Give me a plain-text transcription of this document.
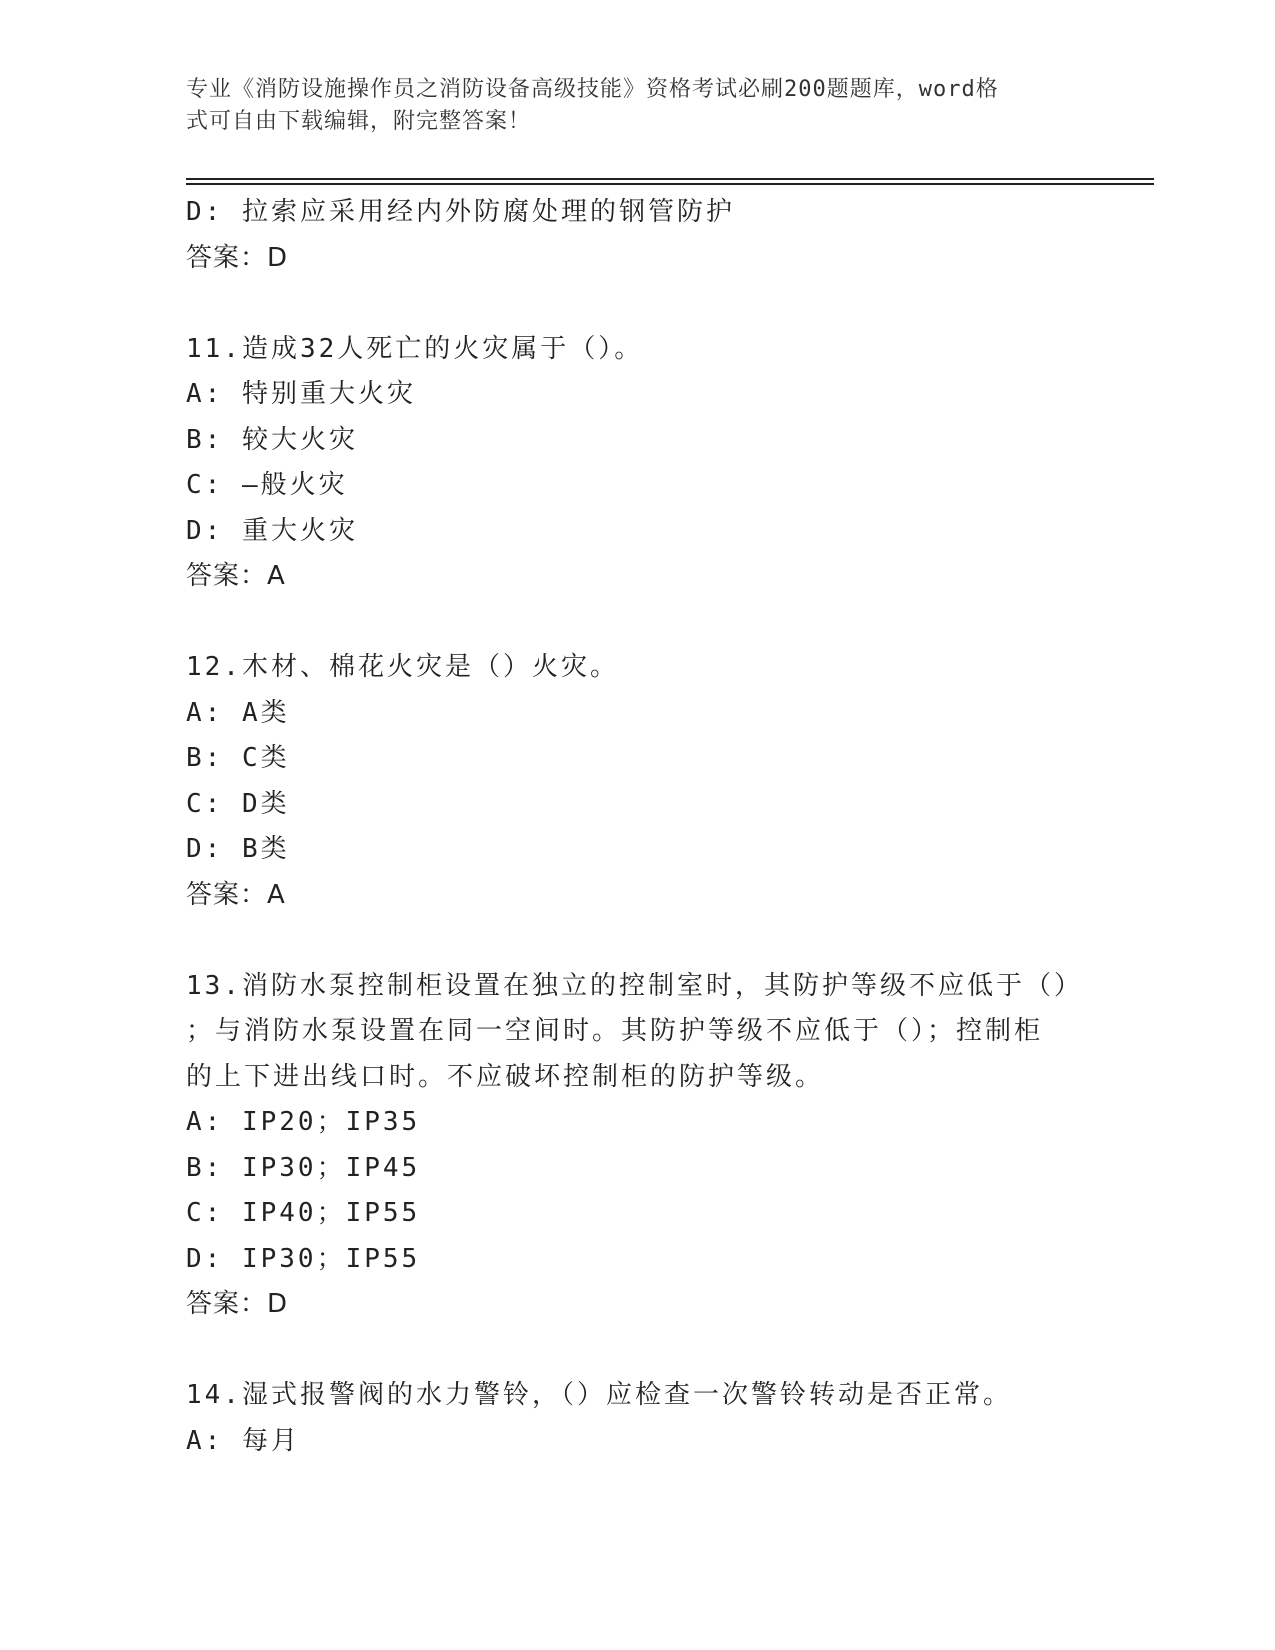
专业《消防设施操作员之消防设备高级技能》资格考试必刷200题题库，word格
式可自由下载编辑，附完整答案！
D: 拉索应采用经内外防腐处理的钢管防护
答案：D
11.造成32人死亡的火灾属于（）。
A: 特别重大火灾
B: 较大火灾
C: —般火灾
D: 重大火灾
答案：A
12.木材、棉花火灾是（）火灾。
A: A类
B: C类
C: D类
D: B类
答案：A
13.消防水泵控制柜设置在独立的控制室时，其防护等级不应低于（）
；与消防水泵设置在同一空间时。其防护等级不应低于（）；控制柜
的上下进出线口时。不应破坏控制柜的防护等级。
A: IP20；IP35
B: IP30；IP45
C: IP40；IP55
D: IP30；IP55
答案：D
14.湿式报警阀的水力警铃，（）应检查一次警铃转动是否正常。
A: 每月
